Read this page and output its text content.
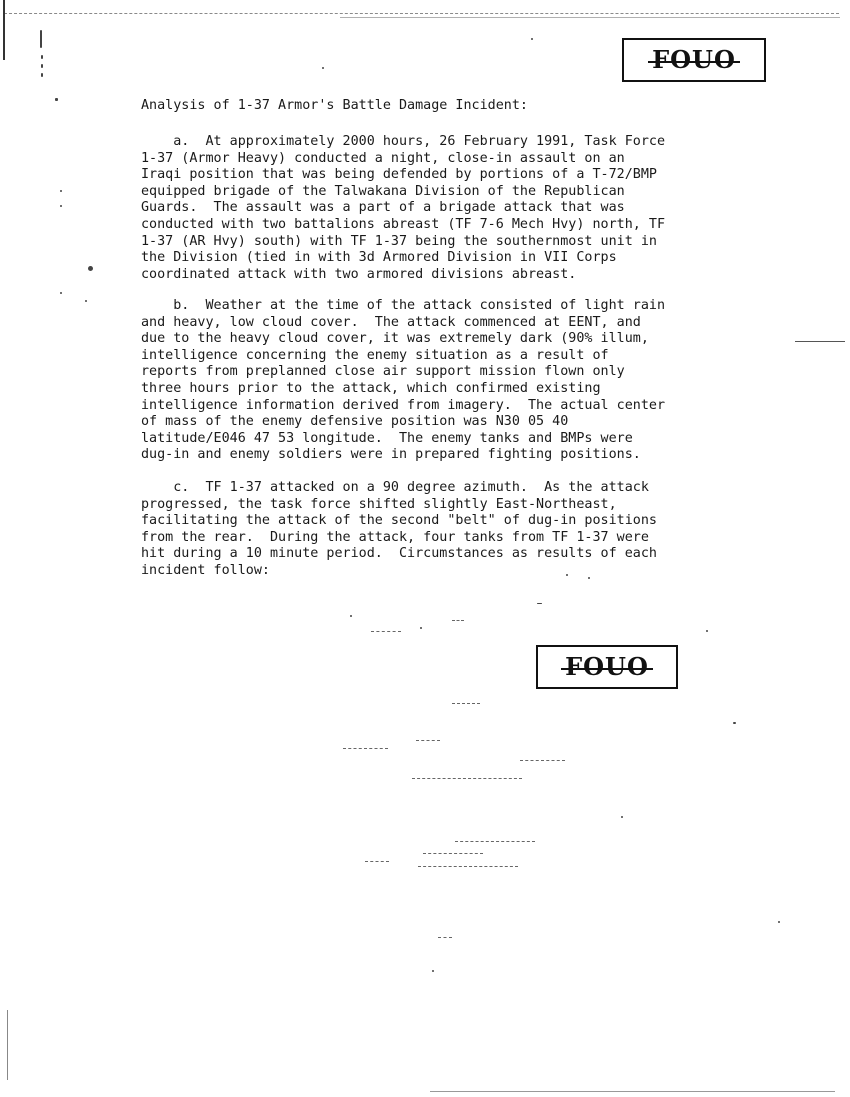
FOUO
FOUO
Analysis of 1-37 Armor's Battle Damage Incident:
a.  At approximately 2000 hours, 26 February 1991, Task Force
1-37 (Armor Heavy) conducted a night, close-in assault on an
Iraqi position that was being defended by portions of a T-72/BMP
equipped brigade of the Talwakana Division of the Republican
Guards.  The assault was a part of a brigade attack that was
conducted with two battalions abreast (TF 7-6 Mech Hvy) north, TF
1-37 (AR Hvy) south) with TF 1-37 being the southernmost unit in
the Division (tied in with 3d Armored Division in VII Corps
coordinated attack with two armored divisions abreast.
b.  Weather at the time of the attack consisted of light rain
and heavy, low cloud cover.  The attack commenced at EENT, and
due to the heavy cloud cover, it was extremely dark (90% illum,
intelligence concerning the enemy situation as a result of
reports from preplanned close air support mission flown only
three hours prior to the attack, which confirmed existing
intelligence information derived from imagery.  The actual center
of mass of the enemy defensive position was N30 05 40
latitude/E046 47 53 longitude.  The enemy tanks and BMPs were
dug-in and enemy soldiers were in prepared fighting positions.
c.  TF 1-37 attacked on a 90 degree azimuth.  As the attack
progressed, the task force shifted slightly East-Northeast,
facilitating the attack of the second "belt" of dug-in positions
from the rear.  During the attack, four tanks from TF 1-37 were
hit during a 10 minute period.  Circumstances as results of each
incident follow:
